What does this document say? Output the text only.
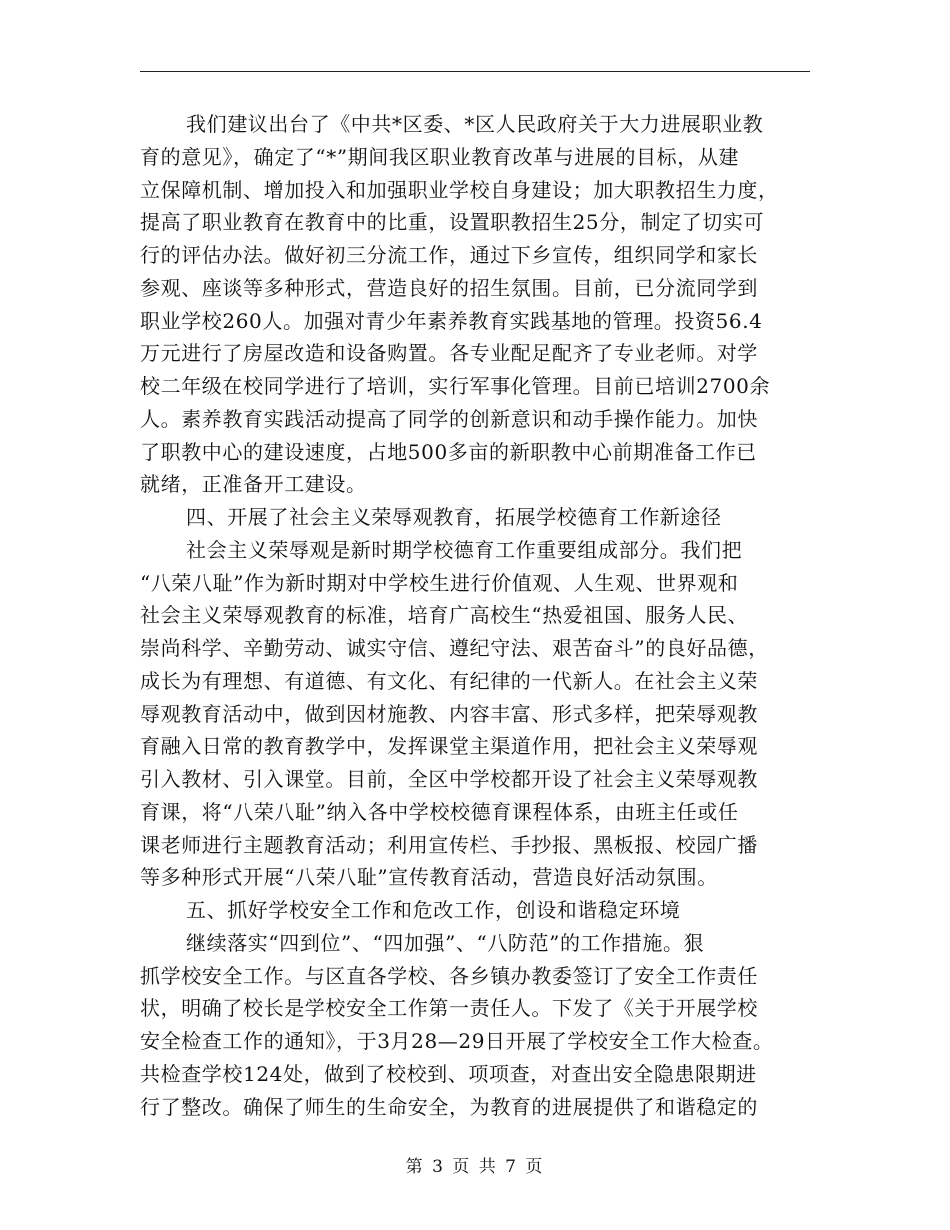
我们建议出台了《中共*区委、*区人民政府关于大力进展职业教
育的意见》，确定了“*”期间我区职业教育改革与进展的目标，从建
立保障机制、增加投入和加强职业学校自身建设；加大职教招生力度，
提高了职业教育在教育中的比重，设置职教招生25分，制定了切实可
行的评估办法。做好初三分流工作，通过下乡宣传，组织同学和家长
参观、座谈等多种形式，营造良好的招生氛围。目前，已分流同学到
职业学校260人。加强对青少年素养教育实践基地的管理。投资56.4
万元进行了房屋改造和设备购置。各专业配足配齐了专业老师。对学
校二年级在校同学进行了培训，实行军事化管理。目前已培训2700余
人。素养教育实践活动提高了同学的创新意识和动手操作能力。加快
了职教中心的建设速度，占地500多亩的新职教中心前期准备工作已
就绪，正准备开工建设。
四、开展了社会主义荣辱观教育，拓展学校德育工作新途径
社会主义荣辱观是新时期学校德育工作重要组成部分。我们把
“八荣八耻”作为新时期对中学校生进行价值观、人生观、世界观和
社会主义荣辱观教育的标准，培育广高校生“热爱祖国、服务人民、
崇尚科学、辛勤劳动、诚实守信、遵纪守法、艰苦奋斗”的良好品德，
成长为有理想、有道德、有文化、有纪律的一代新人。在社会主义荣
辱观教育活动中，做到因材施教、内容丰富、形式多样，把荣辱观教
育融入日常的教育教学中，发挥课堂主渠道作用，把社会主义荣辱观
引入教材、引入课堂。目前，全区中学校都开设了社会主义荣辱观教
育课，将“八荣八耻”纳入各中学校校德育课程体系，由班主任或任
课老师进行主题教育活动；利用宣传栏、手抄报、黑板报、校园广播
等多种形式开展“八荣八耻”宣传教育活动，营造良好活动氛围。
五、抓好学校安全工作和危改工作，创设和谐稳定环境
继续落实“四到位”、“四加强”、“八防范”的工作措施。狠
抓学校安全工作。与区直各学校、各乡镇办教委签订了安全工作责任
状，明确了校长是学校安全工作第一责任人。下发了《关于开展学校
安全检查工作的通知》，于3月28—29日开展了学校安全工作大检查。
共检查学校124处，做到了校校到、项项查，对查出安全隐患限期进
行了整改。确保了师生的生命安全，为教育的进展提供了和谐稳定的
第 3 页 共 7 页
